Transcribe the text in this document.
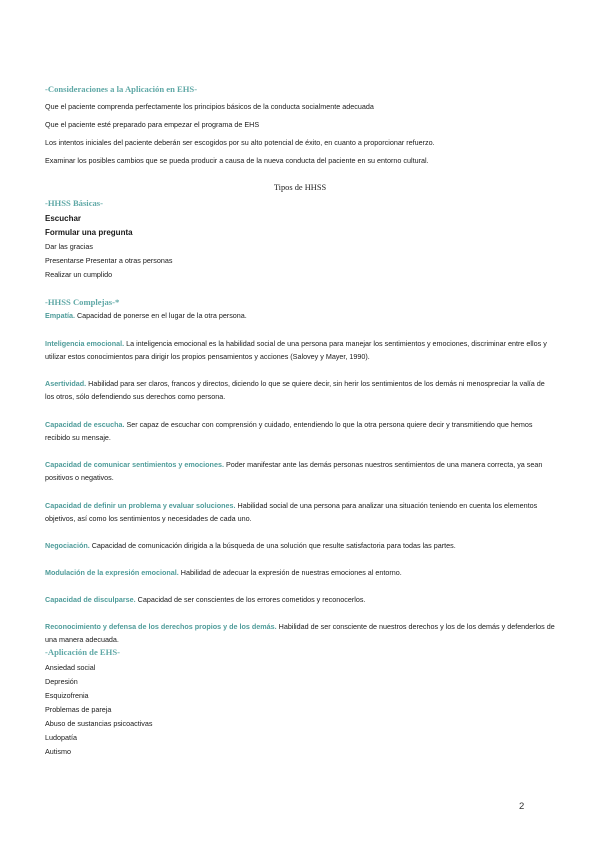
-Consideraciones a la Aplicación en EHS-
Que el paciente comprenda perfectamente los principios básicos de la conducta socialmente adecuada
Que el paciente esté preparado para empezar el programa de EHS
Los intentos iniciales del paciente deberán ser escogidos por su alto potencial de éxito, en cuanto a proporcionar refuerzo.
Examinar los posibles cambios que se pueda producir a causa de la nueva conducta del paciente en su entorno cultural.
Tipos de HHSS
-HHSS Básicas-
Escuchar
Formular una pregunta
Dar las gracias
Presentarse Presentar a otras personas
Realizar un cumplido
-HHSS Complejas-*
Empatía. Capacidad de ponerse en el lugar de la otra persona.
Inteligencia emocional. La inteligencia emocional es la habilidad social de una persona para manejar los sentimientos y emociones, discriminar entre ellos y utilizar estos conocimientos para dirigir los propios pensamientos y acciones (Salovey y Mayer, 1990).
Asertividad. Habilidad para ser claros, francos y directos, diciendo lo que se quiere decir, sin herir los sentimientos de los demás ni menospreciar la valía de los otros, sólo defendiendo sus derechos como persona.
Capacidad de escucha. Ser capaz de escuchar con comprensión y cuidado, entendiendo lo que la otra persona quiere decir y transmitiendo que hemos recibido su mensaje.
Capacidad de comunicar sentimientos y emociones. Poder manifestar ante las demás personas nuestros sentimientos de una manera correcta, ya sean positivos o negativos.
Capacidad de definir un problema y evaluar soluciones. Habilidad social de una persona para analizar una situación teniendo en cuenta los elementos objetivos, así como los sentimientos y necesidades de cada uno.
Negociación. Capacidad de comunicación dirigida a la búsqueda de una solución que resulte satisfactoria para todas las partes.
Modulación de la expresión emocional. Habilidad de adecuar la expresión de nuestras emociones al entorno.
Capacidad de disculparse. Capacidad de ser conscientes de los errores cometidos y reconocerlos.
Reconocimiento y defensa de los derechos propios y de los demás. Habilidad de ser consciente de nuestros derechos y los de los demás y defenderlos de una manera adecuada.
-Aplicación de EHS-
Ansiedad social
Depresión
Esquizofrenia
Problemas de pareja
Abuso de sustancias psicoactivas
Ludopatía
Autismo
2
